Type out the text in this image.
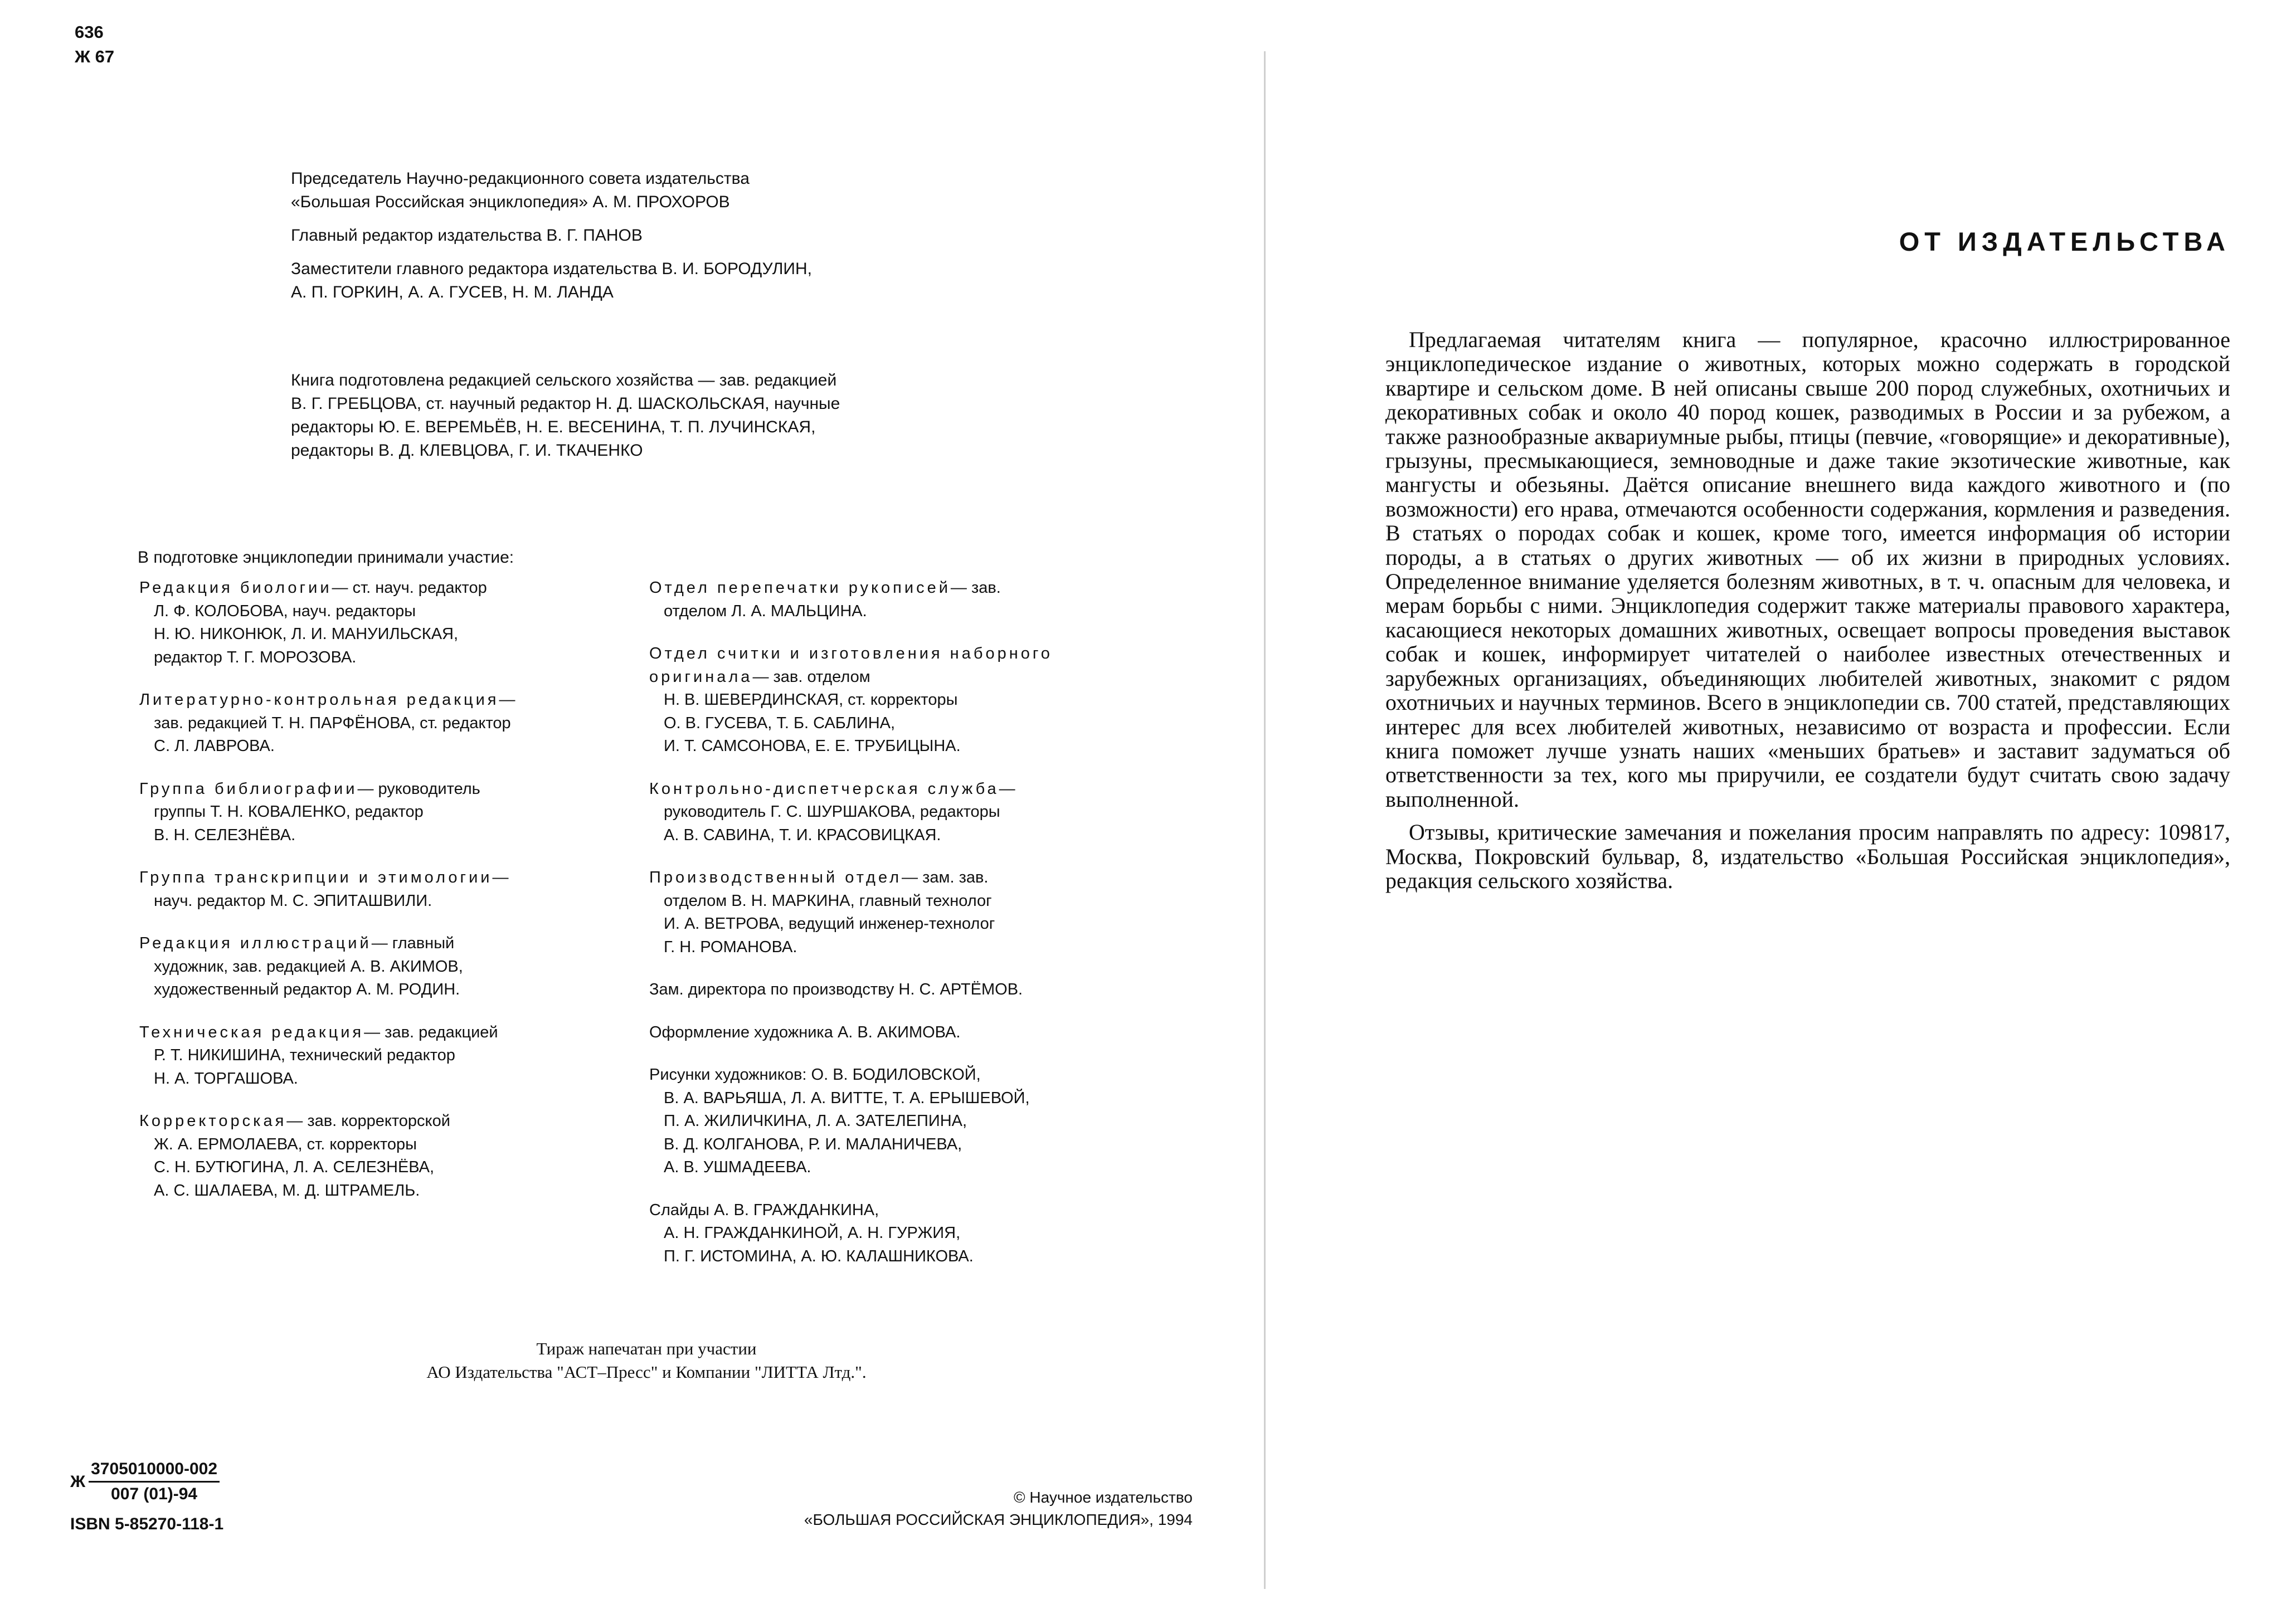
636
Ж 67

Председатель Научно-редакционного совета издательства
«Большая Российская энциклопедия» А. М. ПРОХОРОВ

Главный редактор издательства В. Г. ПАНОВ

Заместители главного редактора издательства В. И. БОРОДУЛИН,
А. П. ГОРКИН, А. А. ГУСЕВ, Н. М. ЛАНДА

Книга подготовлена редакцией сельского хозяйства — зав. редакцией
В. Г. ГРЕБЦОВА, ст. научный редактор Н. Д. ШАСКОЛЬСКАЯ, научные
редакторы Ю. Е. ВЕРЕМЬЁВ, Н. Е. ВЕСЕНИНА, Т. П. ЛУЧИНСКАЯ,
редакторы В. Д. КЛЕВЦОВА, Г. И. ТКАЧЕНКО

В подготовке энциклопедии принимали участие:
Редакция биологии— ст. науч. редактор
Л. Ф. КОЛОБОВА, науч. редакторы
Н. Ю. НИКОНЮК, Л. И. МАНУИЛЬСКАЯ,
редактор Т. Г. МОРОЗОВА.
Литературно-контрольная редакция—
зав. редакцией Т. Н. ПАРФЁНОВА, ст. редактор
С. Л. ЛАВРОВА.
Группа библиографии— руководитель
группы Т. Н. КОВАЛЕНКО, редактор
В. Н. СЕЛЕЗНЁВА.
Группа транскрипции и этимологии—
науч. редактор М. С. ЭПИТАШВИЛИ.
Редакция иллюстраций— главный
художник, зав. редакцией А. В. АКИМОВ,
художественный редактор А. М. РОДИН.
Техническая редакция— зав. редакцией
Р. Т. НИКИШИНА, технический редактор
Н. А. ТОРГАШОВА.
Корректорская— зав. корректорской
Ж. А. ЕРМОЛАЕВА, ст. корректоры
С. Н. БУТЮГИНА, Л. А. СЕЛЕЗНЁВА,
А. С. ШАЛАЕВА, М. Д. ШТРАМЕЛЬ.
Отдел перепечатки рукописей— зав.
отделом Л. А. МАЛЬЦИНА.
Отдел считки и изготовления наборного
оригинала— зав. отделом
Н. В. ШЕВЕРДИНСКАЯ, ст. корректоры
О. В. ГУСЕВА, Т. Б. САБЛИНА,
И. Т. САМСОНОВА, Е. Е. ТРУБИЦЫНА.
Контрольно-диспетчерская служба—
руководитель Г. С. ШУРШАКОВА, редакторы
А. В. САВИНА, Т. И. КРАСОВИЦКАЯ.
Производственный отдел— зам. зав.
отделом В. Н. МАРКИНА, главный технолог
И. А. ВЕТРОВА, ведущий инженер-технолог
Г. Н. РОМАНОВА.
Зам. директора по производству Н. С. АРТЁМОВ.
Оформление художника А. В. АКИМОВА.
Рисунки художников: О. В. БОДИЛОВСКОЙ,
В. А. ВАРЬЯША, Л. А. ВИТТЕ, Т. А. ЕРЫШЕВОЙ,
П. А. ЖИЛИЧКИНА, Л. А. ЗАТЕЛЕПИНА,
В. Д. КОЛГАНОВА, Р. И. МАЛАНИЧЕВА,
А. В. УШМАДЕЕВА.
Слайды А. В. ГРАЖДАНКИНА,
А. Н. ГРАЖДАНКИНОЙ, А. Н. ГУРЖИЯ,
П. Г. ИСТОМИНА, А. Ю. КАЛАШНИКОВА.
Тираж напечатан при участии
АО Издательства "АСТ–Пресс" и Компании "ЛИТТА Лтд.".
Ж $\frac{3705010000-002}{007 (01)-94}$
ISBN 5-85270-118-1
© Научное издательство
«БОЛЬШАЯ РОССИЙСКАЯ ЭНЦИКЛОПЕДИЯ», 1994
ОТ ИЗДАТЕЛЬСТВА

Предлагаемая читателям книга — популярное, красочно иллюстрированное энциклопедическое издание о животных, которых можно содержать в городской квартире и сельском доме. В ней описаны свыше 200 пород служебных, охотничьих и декоративных собак и около 40 пород кошек, разводимых в России и за рубежом, а также разнообразные аквариумные рыбы, птицы (певчие, «говорящие» и декоративные), грызуны, пресмыкающиеся, земноводные и даже такие экзотические животные, как мангусты и обезьяны. Даётся описание внешнего вида каждого животного и (по возможности) его нрава, отмечаются особенности содержания, кормления и разведения. В статьях о породах собак и кошек, кроме того, имеется информация об истории породы, а в статьях о других животных — об их жизни в природных условиях. Определенное внимание уделяется болезням животных, в т. ч. опасным для человека, и мерам борьбы с ними. Энциклопедия содержит также материалы правового характера, касающиеся некоторых домашних животных, освещает вопросы проведения выставок собак и кошек, информирует читателей о наиболее известных отечественных и зарубежных организациях, объединяющих любителей животных, знакомит с рядом охотничьих и научных терминов. Всего в энциклопедии св. 700 статей, представляющих интерес для всех любителей животных, независимо от возраста и профессии. Если книга поможет лучше узнать наших «меньших братьев» и заставит задуматься об ответственности за тех, кого мы приручили, ее создатели будут считать свою задачу выполненной.

Отзывы, критические замечания и пожелания просим направлять по адресу: 109817, Москва, Покровский бульвар, 8, издательство «Большая Российская энциклопедия», редакция сельского хозяйства.
